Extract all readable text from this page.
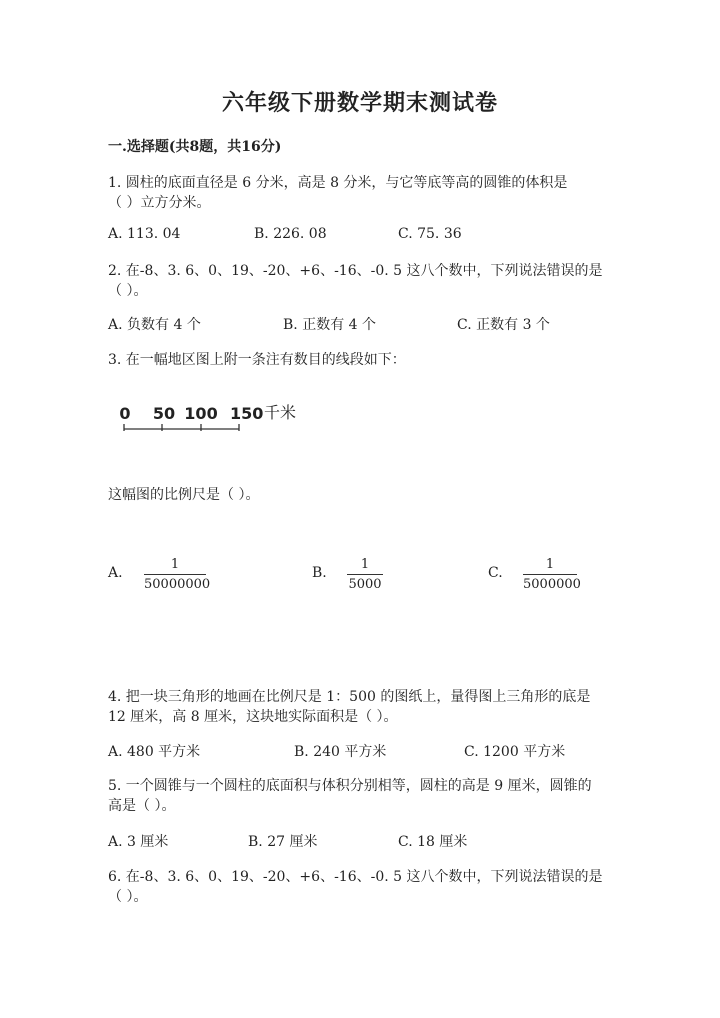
六年级下册数学期末测试卷
一.选择题(共8题，共16分)
1. 圆柱的底面直径是 6 分米，高是 8 分米，与它等底等高的圆锥的体积是
（ ）立方分米。
A. 113. 04	B. 226. 08	C. 75. 36
2. 在-8、3. 6、0、19、-20、+6、-16、-0. 5 这八个数中，下列说法错误的是
（ ）。
A. 负数有 4 个	B. 正数有 4 个	C. 正数有 3 个
3. 在一幅地区图上附一条注有数目的线段如下：
0 50 100 150 千米
这幅图的比例尺是（ ）。
A. $\frac{1}{50000000}$	B. $\frac{1}{5000}$	C. $\frac{1}{5000000}$
4. 把一块三角形的地画在比例尺是 1：500 的图纸上，量得图上三角形的底是
12 厘米，高 8 厘米，这块地实际面积是（ ）。
A. 480 平方米	B. 240 平方米	C. 1200 平方米
5. 一个圆锥与一个圆柱的底面积与体积分别相等，圆柱的高是 9 厘米，圆锥的
高是（ ）。
A. 3 厘米	B. 27 厘米	C. 18 厘米
6. 在-8、3. 6、0、19、-20、+6、-16、-0. 5 这八个数中，下列说法错误的是
（ ）。
